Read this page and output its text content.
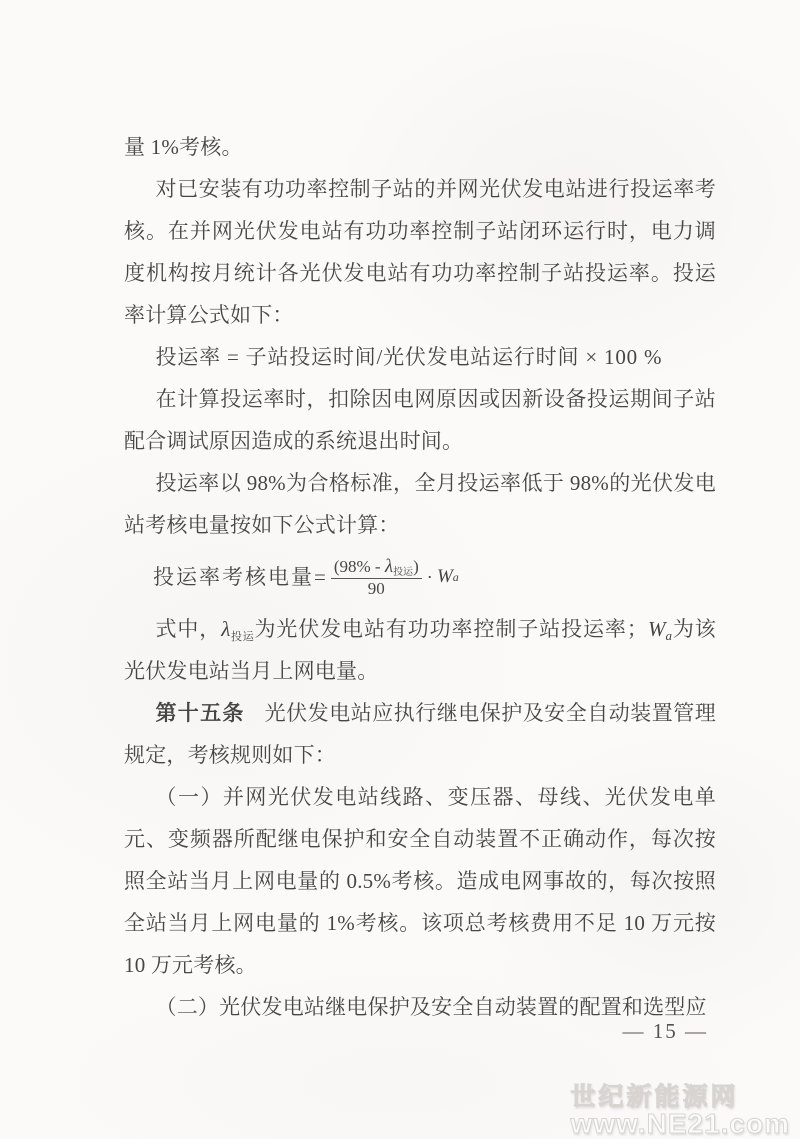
量 1%考核。

对已安装有功功率控制子站的并网光伏发电站进行投运率考核。在并网光伏发电站有功功率控制子站闭环运行时，电力调度机构按月统计各光伏发电站有功功率控制子站投运率。投运率计算公式如下：

投运率 = 子站投运时间/光伏发电站运行时间 × 100 %

在计算投运率时，扣除因电网原因或因新设备投运期间子站配合调试原因造成的系统退出时间。

投运率以 98%为合格标准，全月投运率低于 98%的光伏发电站考核电量按如下公式计算：

投运率考核电量= $\frac{(98\% - \lambda_{投运})}{90} \cdot W$ a

式中，$\lambda_{投运}$为光伏发电站有功功率控制子站投运率；$W_a$为该光伏发电站当月上网电量。

第十五条 光伏发电站应执行继电保护及安全自动装置管理规定，考核规则如下：

（一）并网光伏发电站线路、变压器、母线、光伏发电单元、变频器所配继电保护和安全自动装置不正确动作，每次按照全站当月上网电量的 0.5%考核。造成电网事故的，每次按照全站当月上网电量的 1%考核。该项总考核费用不足 10 万元按 10 万元考核。

（二）光伏发电站继电保护及安全自动装置的配置和选型应

— 15 —
世纪新能源网
www.NE21.com
